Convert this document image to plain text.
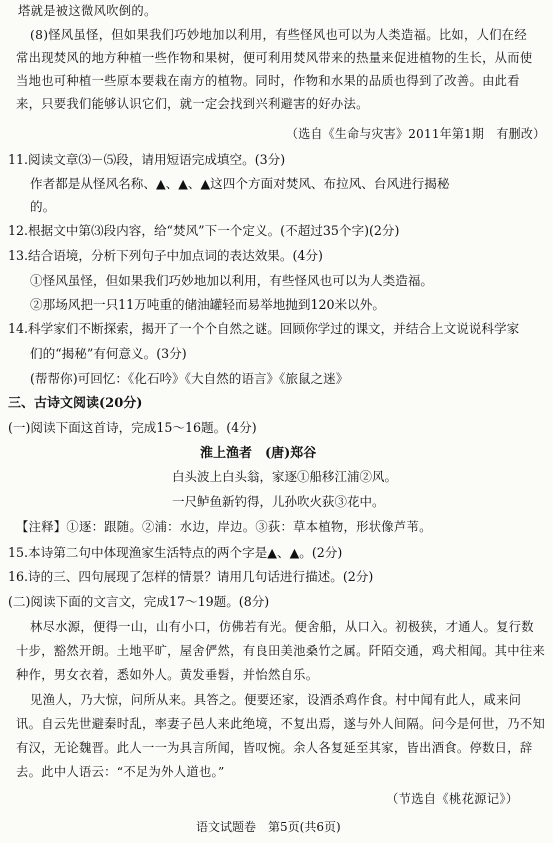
塔就是被这微风吹倒的。
(8)怪风虽怪，但如果我们巧妙地加以利用，有些怪风也可以为人类造福。比如，人们在经
常出现焚风的地方种植一些作物和果树，便可利用焚风带来的热量来促进植物的生长，从而使
当地也可种植一些原本要栽在南方的植物。同时，作物和水果的品质也得到了改善。由此看
来，只要我们能够认识它们，就一定会找到兴利避害的好办法。
（选自《生命与灾害》2011年第1期　有删改）
11.阅读文章⑶－⑸段，请用短语完成填空。(3分)
作者都是从怪风名称、▲、▲、▲这四个方面对焚风、布拉风、台风进行揭秘
的。
12.根据文中第⑶段内容，给“焚风”下一个定义。(不超过35个字)(2分)
13.结合语境，分析下列句子中加点词的表达效果。(4分)
①怪风虽怪，但如果我们巧妙地加以利用，有些怪风也可以为人类造福。
②那场风把一只11万吨重的储油罐轻而易举地抛到120米以外。
14.科学家们不断探索，揭开了一个个自然之谜。回顾你学过的课文，并结合上文说说科学家
们的“揭秘”有何意义。(3分)
(帮帮你)可回忆：《化石吟》《大自然的语言》《旅鼠之迷》
三、古诗文阅读(20分)
(一)阅读下面这首诗，完成15～16题。(4分)
淮上渔者　(唐)郑谷
白头波上白头翁，家逐①船移江浦②风。
一尺鲈鱼新钓得，儿孙吹火荻③花中。
【注释】①逐：跟随。②浦：水边，岸边。③荻：草本植物，形状像芦苇。
15.本诗第二句中体现渔家生活特点的两个字是▲、▲。(2分)
16.诗的三、四句展现了怎样的情景？请用几句话进行描述。(2分)
(二)阅读下面的文言文，完成17～19题。(8分)
林尽水源，便得一山，山有小口，仿佛若有光。便舍船，从口入。初极狭，才通人。复行数
十步，豁然开朗。土地平旷，屋舍俨然，有良田美池桑竹之属。阡陌交通，鸡犬相闻。其中往来
种作，男女衣着，悉如外人。黄发垂髫，并怡然自乐。
见渔人，乃大惊，问所从来。具答之。便要还家，设酒杀鸡作食。村中闻有此人，咸来问
讯。自云先世避秦时乱，率妻子邑人来此绝境，不复出焉，遂与外人间隔。问今是何世，乃不知
有汉，无论魏晋。此人一一为具言所闻，皆叹惋。余人各复延至其家，皆出酒食。停数日，辞
去。此中人语云：“不足为外人道也。”
（节选自《桃花源记》）
语文试题卷　第5页(共6页)
